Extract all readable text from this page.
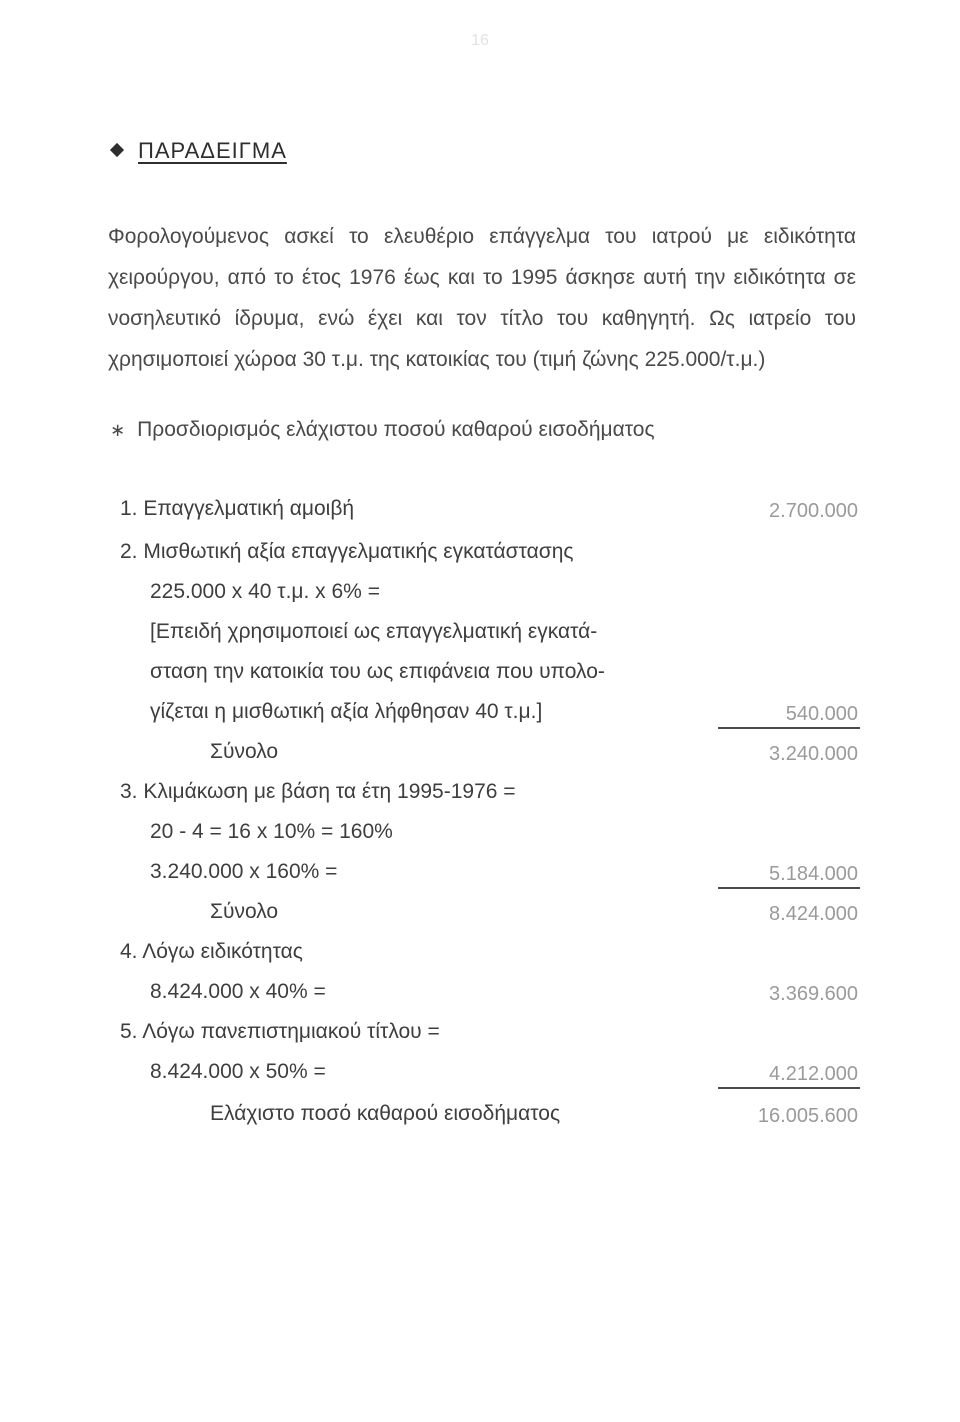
16
ΠΑΡΑΔΕΙΓΜΑ
Φορολογούμενος ασκεί το ελευθέριο επάγγελμα του ιατρού με ειδικότητα χειρούργου, από το έτος 1976 έως και το 1995 άσκησε αυτή την ειδικότητα σε νοσηλευτικό ίδρυμα, ενώ έχει και τον τίτλο του καθηγητή. Ως ιατρείο του χρησιμοποιεί χώροα 30 τ.μ. της κατοικίας του (τιμή ζώνης 225.000/τ.μ.)
∗ Προσδιορισμός ελάχιστου ποσού καθαρού εισοδήματος
1. Επαγγελματική αμοιβή	2.700.000
2. Μισθωτική αξία επαγγελματικής εγκατάστασης
225.000 x 40 τ.μ. x 6% =
[Επειδή χρησιμοποιεί ως επαγγελματική εγκατά-
σταση την κατοικία του ως επιφάνεια που υπολο-
γίζεται η μισθωτική αξία λήφθησαν 40 τ.μ.]	540.000
Σύνολο	3.240.000
3. Κλιμάκωση με βάση τα έτη 1995-1976 =
20 - 4 = 16 x 10% = 160%
3.240.000 x 160% =	5.184.000
Σύνολο	8.424.000
4. Λόγω ειδικότητας
8.424.000 x 40% =	3.369.600
5. Λόγω πανεπιστημιακού τίτλου =
8.424.000 x 50% =	4.212.000
Ελάχιστο ποσό καθαρού εισοδήματος	16.005.600
